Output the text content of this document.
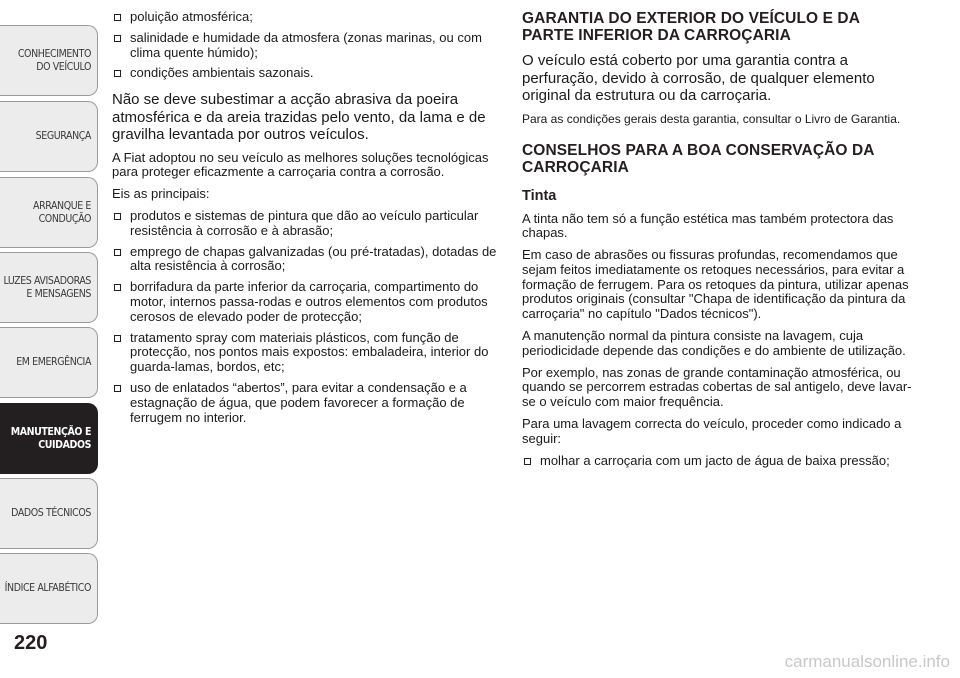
CONHECIMENTO
DO VEÍCULO
SEGURANÇA
ARRANQUE E
CONDUÇÃO
LUZES AVISADORAS
E MENSAGENS
EM EMERGÊNCIA
MANUTENÇÃO E
CUIDADOS
DADOS TÉCNICOS
ÍNDICE ALFABÉTICO
220
poluição atmosférica;
salinidade e humidade da atmosfera (zonas marinas, ou com clima quente húmido);
condições ambientais sazonais.

Não se deve subestimar a acção abrasiva da poeira atmosférica e da areia trazidas pelo vento, da lama e de gravilha levantada por outros veículos.

A Fiat adoptou no seu veículo as melhores soluções tecnológicas para proteger eficazmente a carroçaria contra a corrosão.

Eis as principais:

produtos e sistemas de pintura que dão ao veículo particular resistência à corrosão e à abrasão;
emprego de chapas galvanizadas (ou pré-tratadas), dotadas de alta resistência à corrosão;
borrifadura da parte inferior da carroçaria, compartimento do motor, internos passa-rodas e outros elementos com produtos cerosos de elevado poder de protecção;
tratamento spray com materiais plásticos, com função de protecção, nos pontos mais expostos: embaladeira, interior do guarda-lamas, bordos, etc;
uso de enlatados “abertos”, para evitar a condensação e a estagnação de água, que podem favorecer a formação de ferrugem no interior.
GARANTIA DO EXTERIOR DO VEÍCULO E DA PARTE INFERIOR DA CARROÇARIA

O veículo está coberto por uma garantia contra a perfuração, devido à corrosão, de qualquer elemento original da estrutura ou da carroçaria.

Para as condições gerais desta garantia, consultar o Livro de Garantia.

CONSELHOS PARA A BOA CONSERVAÇÃO DA CARROÇARIA
Tinta

A tinta não tem só a função estética mas também protectora das chapas.

Em caso de abrasões ou fissuras profundas, recomendamos que sejam feitos imediatamente os retoques necessários, para evitar a formação de ferrugem. Para os retoques da pintura, utilizar apenas produtos originais (consultar "Chapa de identificação da pintura da carroçaria" no capítulo "Dados técnicos").

A manutenção normal da pintura consiste na lavagem, cuja periodicidade depende das condições e do ambiente de utilização.

Por exemplo, nas zonas de grande contaminação atmosférica, ou quando se percorrem estradas cobertas de sal antigelo, deve lavar-se o veículo com maior frequência.

Para uma lavagem correcta do veículo, proceder como indicado a seguir:

molhar a carroçaria com um jacto de água de baixa pressão;
carmanualsonline.info
